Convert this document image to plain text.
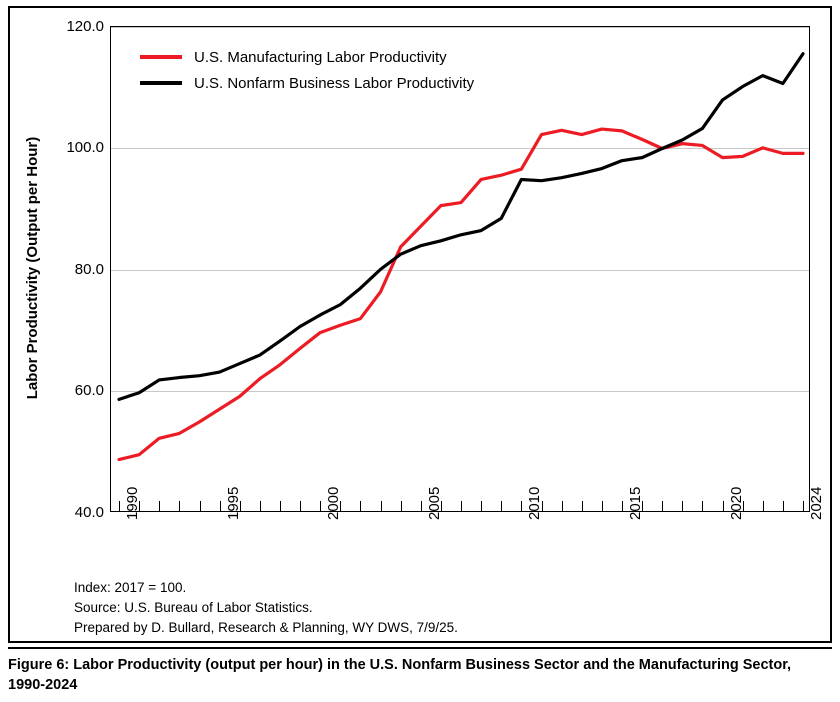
Labor Productivity (Output per Hour)
120.0
100.0
80.0
60.0
40.0 1990	1995	2000	2005	2010	2015	2020	2024
U.S. Manufacturing Labor Productivity
U.S. Nonfarm Business Labor Productivity
Index: 2017 = 100.
Source: U.S. Bureau of Labor Statistics.
Prepared by D. Bullard, Research & Planning, WY DWS, 7/9/25.
Figure 6: Labor Productivity (output per hour) in the U.S. Nonfarm Business Sector and the Manufacturing Sector, 1990-2024
